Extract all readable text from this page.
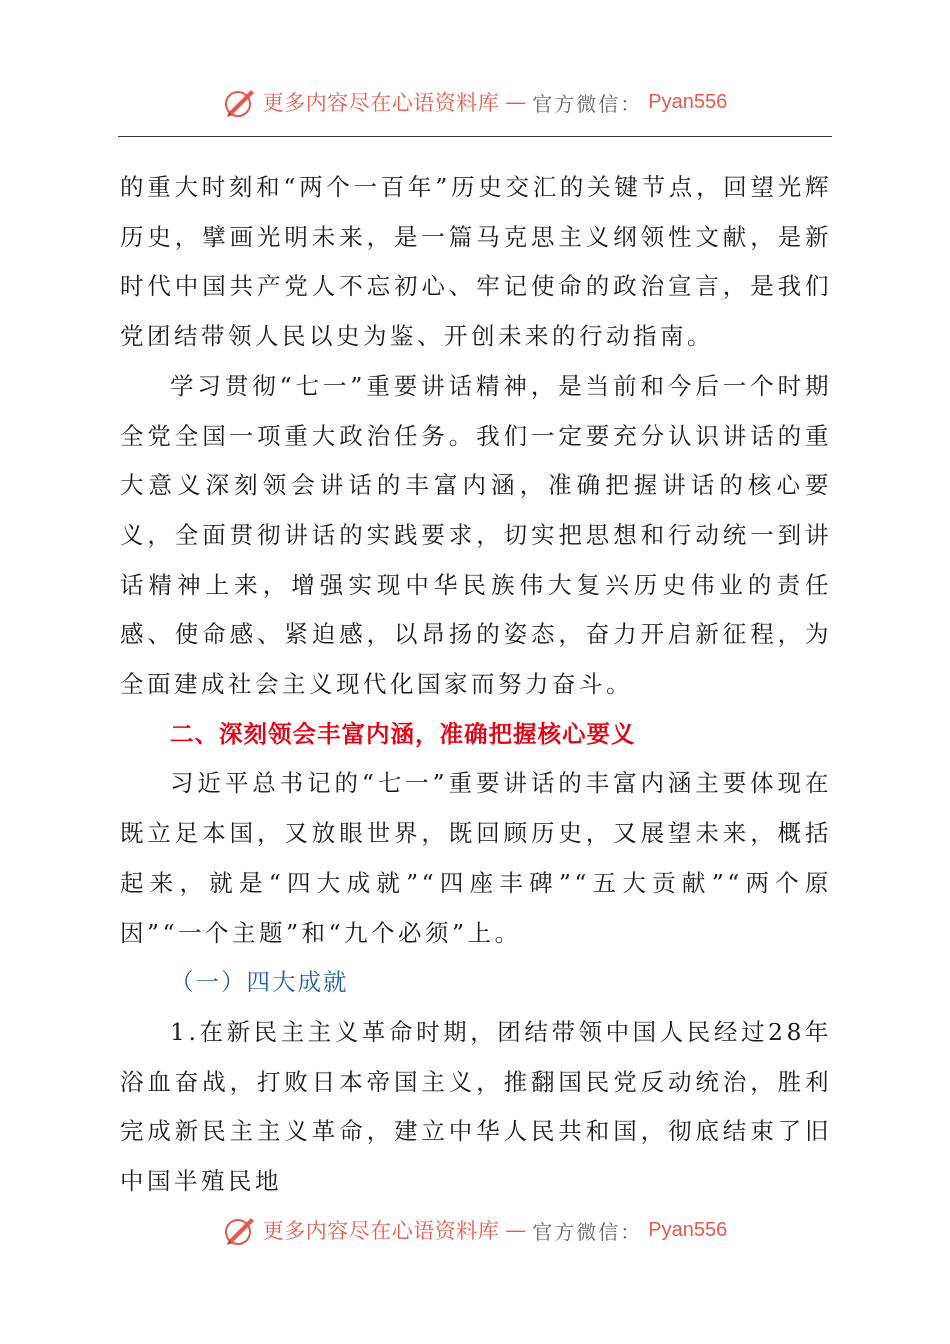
更多内容尽在心语资料库 — 官方微信： Pyan556

的重大时刻和“两个一百年”历史交汇的关键节点，回望光辉历史，擘画光明未来，是一篇马克思主义纲领性文献，是新时代中国共产党人不忘初心、牢记使命的政治宣言，是我们党团结带领人民以史为鉴、开创未来的行动指南。

学习贯彻“七一”重要讲话精神，是当前和今后一个时期全党全国一项重大政治任务。我们一定要充分认识讲话的重大意义深刻领会讲话的丰富内涵，准确把握讲话的核心要义，全面贯彻讲话的实践要求，切实把思想和行动统一到讲话精神上来，增强实现中华民族伟大复兴历史伟业的责任感、使命感、紧迫感，以昂扬的姿态，奋力开启新征程，为全面建成社会主义现代化国家而努力奋斗。

二、深刻领会丰富内涵，准确把握核心要义

习近平总书记的“七一”重要讲话的丰富内涵主要体现在既立足本国，又放眼世界，既回顾历史，又展望未来，概括起来，就是“四大成就”“四座丰碑”“五大贡献”“两个原因”“一个主题”和“九个必须”上。

（一）四大成就

1.在新民主主义革命时期，团结带领中国人民经过28年浴血奋战，打败日本帝国主义，推翻国民党反动统治，胜利完成新民主主义革命，建立中华人民共和国，彻底结束了旧中国半殖民地

更多内容尽在心语资料库 — 官方微信： Pyan556
